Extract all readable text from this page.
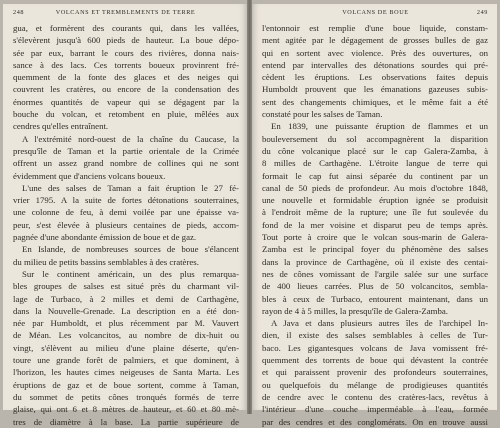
248	VOLCANS ET TREMBLEMENTS DE TERRE
gua, et formèrent des courants qui, dans les vallées,
s'élevèrent jusqu'à 600 pieds de hauteur. La boue dépo-
sée par eux, barrant le cours des rivières, donna nais-
sance à des lacs. Ces torrents boueux provinrent fré-
quemment de la fonte des glaces et des neiges qui
couvrent les cratères, ou encore de la condensation des
énormes quantités de vapeur qui se dégagent par la
bouche du volcan, et retombent en pluie, mêlées aux
cendres qu'elles entraînent.
A l'extrémité nord-ouest de la chaîne du Caucase, la
presqu'île de Taman et la partie orientale de la Crimée
offrent un assez grand nombre de collines qui ne sont
évidemment que d'anciens volcans boueux.
L'une des salses de Taman a fait éruption le 27 fé-
vrier 1795. A la suite de fortes détonations souterraines,
une colonne de feu, à demi voilée par une épaisse va-
peur, s'est élevée à plusieurs centaines de pieds, accom-
pagnée d'une abondante émission de boue et de gaz.
En Islande, de nombreuses sources de boue s'élancent
du milieu de petits bassins semblables à des cratères.
Sur le continent américain, un des plus remarqua-
bles groupes de salses est situé près du charmant vil-
lage de Turbaco, à 2 milles et demi de Carthagène,
dans la Nouvelle-Grenade. La description en a été don-
née par Humboldt, et plus récemment par M. Vauvert
de Méan. Les volcancitos, au nombre de dix-huit ou
vingt, s'élèvent au milieu d'une plaine déserte, qu'en-
toure une grande forêt de palmiers, et que dominent, à
l'horizon, les hautes cimes neigeuses de Santa Marta. Les
éruptions de gaz et de boue sortent, comme à Taman,
du sommet de petits cônes tronqués formés de terre
glaise, qui ont 6 et 8 mètres de hauteur, et 60 et 80 mè-
tres de diamètre à la base. La partie supérieure de
VOLCANS DE BOUE	249
l'entonnoir est remplie d'une boue liquide, constam-
ment agitée par le dégagement de grosses bulles de gaz
qui en sortent avec violence. Près des ouvertures, on
entend par intervalles des détonations sourdes qui pré-
cèdent les éruptions. Les observations faites depuis
Humboldt prouvent que les émanations gazeuses subis-
sent des changements chimiques, et le même fait a été
constaté pour les salses de Taman.
En 1839, une puissante éruption de flammes et un
bouleversement du sol accompagnèrent la disparition
du cône volcanique placé sur le cap Galera-Zamba, à
8 milles de Carthagène. L'étroite langue de terre qui
formait le cap fut ainsi séparée du continent par un
canal de 50 pieds de profondeur. Au mois d'octobre 1848,
une nouvelle et formidable éruption ignée se produisit
à l'endroit même de la rupture; une île fut soulevée du
fond de la mer voisine et disparut peu de temps après.
Tout porte à croire que le volcan sous-marin de Galera-
Zamba est le principal foyer du phénomène des salses
dans la province de Carthagène, où il existe des centai-
nes de cônes vomissant de l'argile salée sur une surface
de 400 lieues carrées. Plus de 50 volcancitos, sembla-
bles à ceux de Turbaco, entourent maintenant, dans un
rayon de 4 à 5 milles, la presqu'île de Galera-Zamba.
A Java et dans plusieurs autres îles de l'archipel In-
dien, il existe des salses semblables à celles de Tur-
baco. Les gigantesques volcans de Java vomissent fré-
quemment des torrents de boue qui dévastent la contrée
et qui paraissent provenir des profondeurs souterraines,
ou quelquefois du mélange de prodigieuses quantités
de cendre avec le contenu des cratères-lacs, revêtus à
l'intérieur d'une couche imperméable à l'eau, formée
par des cendres et des conglomérats. On en trouve aussi
